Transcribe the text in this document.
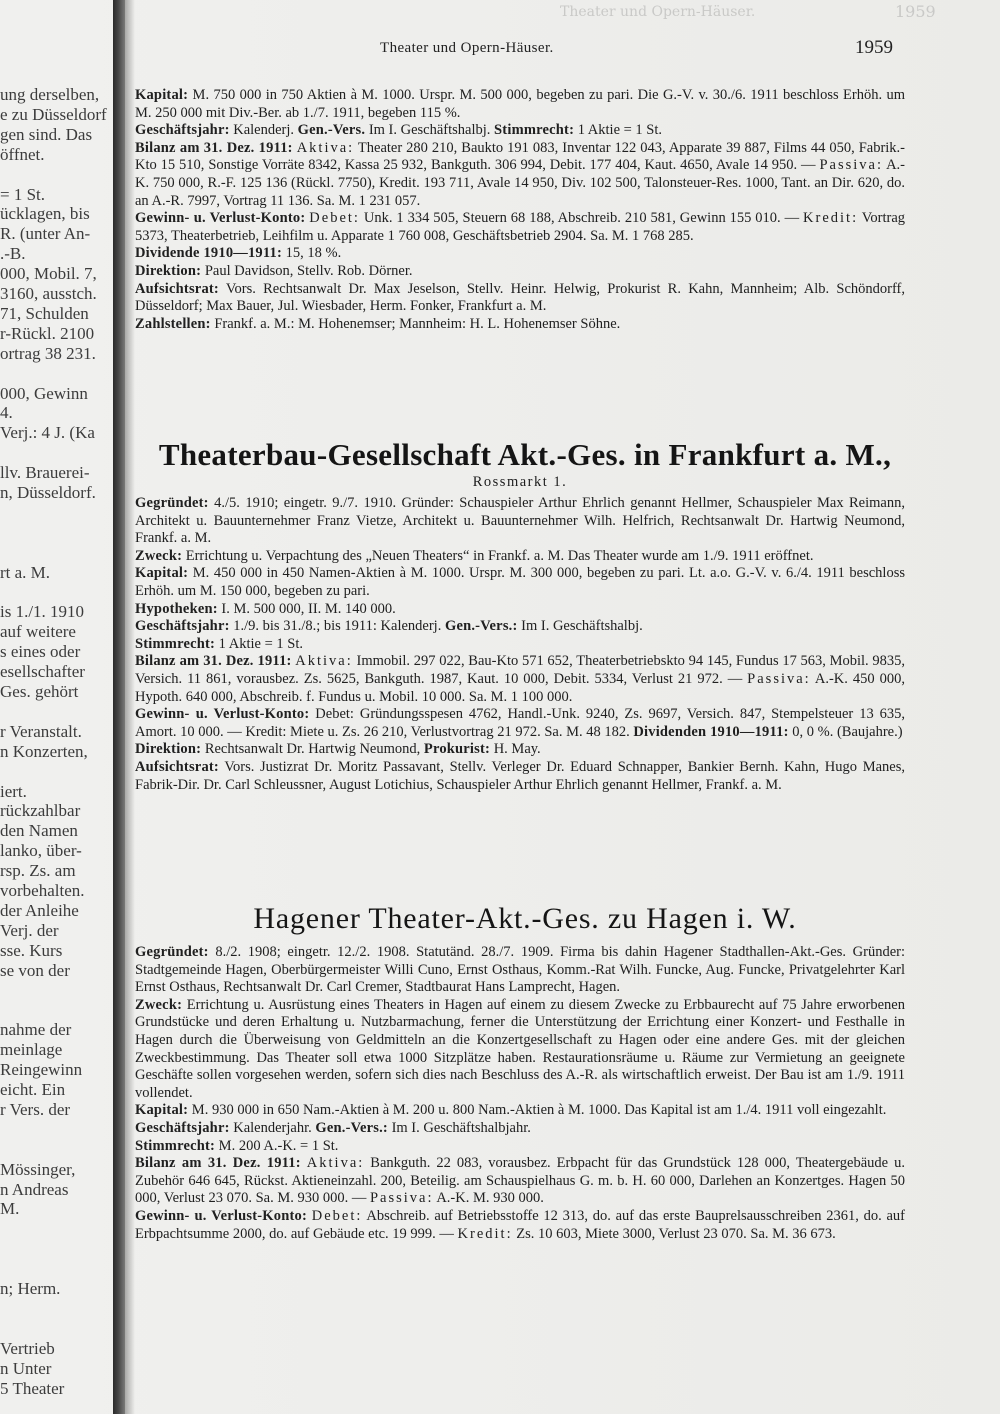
Theater und Opern-Häuser.	1959
ung derselben,
e zu Düsseldorf
gen sind. Das
öffnet.
= 1 St.
ücklagen, bis
R. (unter An-
.-B.
000, Mobil. 7,
3160, ausstch.
71, Schulden
r-Rückl. 2100
ortrag 38 231.
000, Gewinn
4.
Verj.: 4 J. (Ka
llv. Brauerei-
n, Düsseldorf.
rt a. M.
is 1./1. 1910
auf weitere
s eines oder
esellschafter
Ges. gehört
r Veranstalt.
n Konzerten,
iert.
rückzahlbar
den Namen
lanko, über-
rsp. Zs. am
vorbehalten.
der Anleihe
Verj. der
sse. Kurs
se von der
nahme der
meinlage
Reingewinn
eicht. Ein
r Vers. der
Mössinger,
n Andreas
M.
n; Herm.
Vertrieb
n Unter
5 Theater
Theater und Opern-Häuser.	1959

Kapital: M. 750 000 in 750 Aktien à M. 1000. Urspr. M. 500 000, begeben zu pari. Die G.-V. v. 30./6. 1911 beschloss Erhöh. um M. 250 000 mit Div.-Ber. ab 1./7. 1911, begeben 115 %.

Geschäftsjahr: Kalenderj. Gen.-Vers. Im I. Geschäftshalbj. Stimmrecht: 1 Aktie = 1 St.

Bilanz am 31. Dez. 1911: Aktiva: Theater 280 210, Baukto 191 083, Inventar 122 043, Apparate 39 887, Films 44 050, Fabrik.-Kto 15 510, Sonstige Vorräte 8342, Kassa 25 932, Bankguth. 306 994, Debit. 177 404, Kaut. 4650, Avale 14 950. — Passiva: A.-K. 750 000, R.-F. 125 136 (Rückl. 7750), Kredit. 193 711, Avale 14 950, Div. 102 500, Talonsteuer-Res. 1000, Tant. an Dir. 620, do. an A.-R. 7997, Vortrag 11 136. Sa. M. 1 231 057.

Gewinn- u. Verlust-Konto: Debet: Unk. 1 334 505, Steuern 68 188, Abschreib. 210 581, Gewinn 155 010. — Kredit: Vortrag 5373, Theaterbetrieb, Leihfilm u. Apparate 1 760 008, Geschäftsbetrieb 2904. Sa. M. 1 768 285.

Dividende 1910—1911: 15, 18 %.

Direktion: Paul Davidson, Stellv. Rob. Dörner.

Aufsichtsrat: Vors. Rechtsanwalt Dr. Max Jeselson, Stellv. Heinr. Helwig, Prokurist R. Kahn, Mannheim; Alb. Schöndorff, Düsseldorf; Max Bauer, Jul. Wiesbader, Herm. Fonker, Frankfurt a. M.

Zahlstellen: Frankf. a. M.: M. Hohenemser; Mannheim: H. L. Hohenemser Söhne.

Theaterbau-Gesellschaft Akt.-Ges. in Frankfurt a. M.,
Rossmarkt 1.

Gegründet: 4./5. 1910; eingetr. 9./7. 1910. Gründer: Schauspieler Arthur Ehrlich genannt Hellmer, Schauspieler Max Reimann, Architekt u. Bauunternehmer Franz Vietze, Architekt u. Bauunternehmer Wilh. Helfrich, Rechtsanwalt Dr. Hartwig Neumond, Frankf. a. M.

Zweck: Errichtung u. Verpachtung des „Neuen Theaters“ in Frankf. a. M. Das Theater wurde am 1./9. 1911 eröffnet.

Kapital: M. 450 000 in 450 Namen-Aktien à M. 1000. Urspr. M. 300 000, begeben zu pari. Lt. a.o. G.-V. v. 6./4. 1911 beschloss Erhöh. um M. 150 000, begeben zu pari.

Hypotheken: I. M. 500 000, II. M. 140 000.

Geschäftsjahr: 1./9. bis 31./8.; bis 1911: Kalenderj. Gen.-Vers.: Im I. Geschäftshalbj.

Stimmrecht: 1 Aktie = 1 St.

Bilanz am 31. Dez. 1911: Aktiva: Immobil. 297 022, Bau-Kto 571 652, Theaterbetriebskto 94 145, Fundus 17 563, Mobil. 9835, Versich. 11 861, vorausbez. Zs. 5625, Bankguth. 1987, Kaut. 10 000, Debit. 5334, Verlust 21 972. — Passiva: A.-K. 450 000, Hypoth. 640 000, Abschreib. f. Fundus u. Mobil. 10 000. Sa. M. 1 100 000.

Gewinn- u. Verlust-Konto: Debet: Gründungsspesen 4762, Handl.-Unk. 9240, Zs. 9697, Versich. 847, Stempelsteuer 13 635, Amort. 10 000. — Kredit: Miete u. Zs. 26 210, Verlustvortrag 21 972. Sa. M. 48 182. Dividenden 1910—1911: 0, 0 %. (Baujahre.)

Direktion: Rechtsanwalt Dr. Hartwig Neumond, Prokurist: H. May.

Aufsichtsrat: Vors. Justizrat Dr. Moritz Passavant, Stellv. Verleger Dr. Eduard Schnapper, Bankier Bernh. Kahn, Hugo Manes, Fabrik-Dir. Dr. Carl Schleussner, August Lotichius, Schauspieler Arthur Ehrlich genannt Hellmer, Frankf. a. M.

Hagener Theater-Akt.-Ges. zu Hagen i. W.

Gegründet: 8./2. 1908; eingetr. 12./2. 1908. Statutänd. 28./7. 1909. Firma bis dahin Hagener Stadthallen-Akt.-Ges. Gründer: Stadtgemeinde Hagen, Oberbürgermeister Willi Cuno, Ernst Osthaus, Komm.-Rat Wilh. Funcke, Aug. Funcke, Privatgelehrter Karl Ernst Osthaus, Rechtsanwalt Dr. Carl Cremer, Stadtbaurat Hans Lamprecht, Hagen.

Zweck: Errichtung u. Ausrüstung eines Theaters in Hagen auf einem zu diesem Zwecke zu Erbbaurecht auf 75 Jahre erworbenen Grundstücke und deren Erhaltung u. Nutzbarmachung, ferner die Unterstützung der Errichtung einer Konzert- und Festhalle in Hagen durch die Überweisung von Geldmitteln an die Konzertgesellschaft zu Hagen oder eine andere Ges. mit der gleichen Zweckbestimmung. Das Theater soll etwa 1000 Sitzplätze haben. Restaurationsräume u. Räume zur Vermietung an geeignete Geschäfte sollen vorgesehen werden, sofern sich dies nach Beschluss des A.-R. als wirtschaftlich erweist. Der Bau ist am 1./9. 1911 vollendet.

Kapital: M. 930 000 in 650 Nam.-Aktien à M. 200 u. 800 Nam.-Aktien à M. 1000. Das Kapital ist am 1./4. 1911 voll eingezahlt.

Geschäftsjahr: Kalenderjahr. Gen.-Vers.: Im I. Geschäftshalbjahr.

Stimmrecht: M. 200 A.-K. = 1 St.

Bilanz am 31. Dez. 1911: Aktiva: Bankguth. 22 083, vorausbez. Erbpacht für das Grundstück 128 000, Theatergebäude u. Zubehör 646 645, Rückst. Aktieneinzahl. 200, Beteilig. am Schauspielhaus G. m. b. H. 60 000, Darlehen an Konzertges. Hagen 50 000, Verlust 23 070. Sa. M. 930 000. — Passiva: A.-K. M. 930 000.

Gewinn- u. Verlust-Konto: Debet: Abschreib. auf Betriebsstoffe 12 313, do. auf das erste Bauprelsausschreiben 2361, do. auf Erbpachtsumme 2000, do. auf Gebäude etc. 19 999. — Kredit: Zs. 10 603, Miete 3000, Verlust 23 070. Sa. M. 36 673.
